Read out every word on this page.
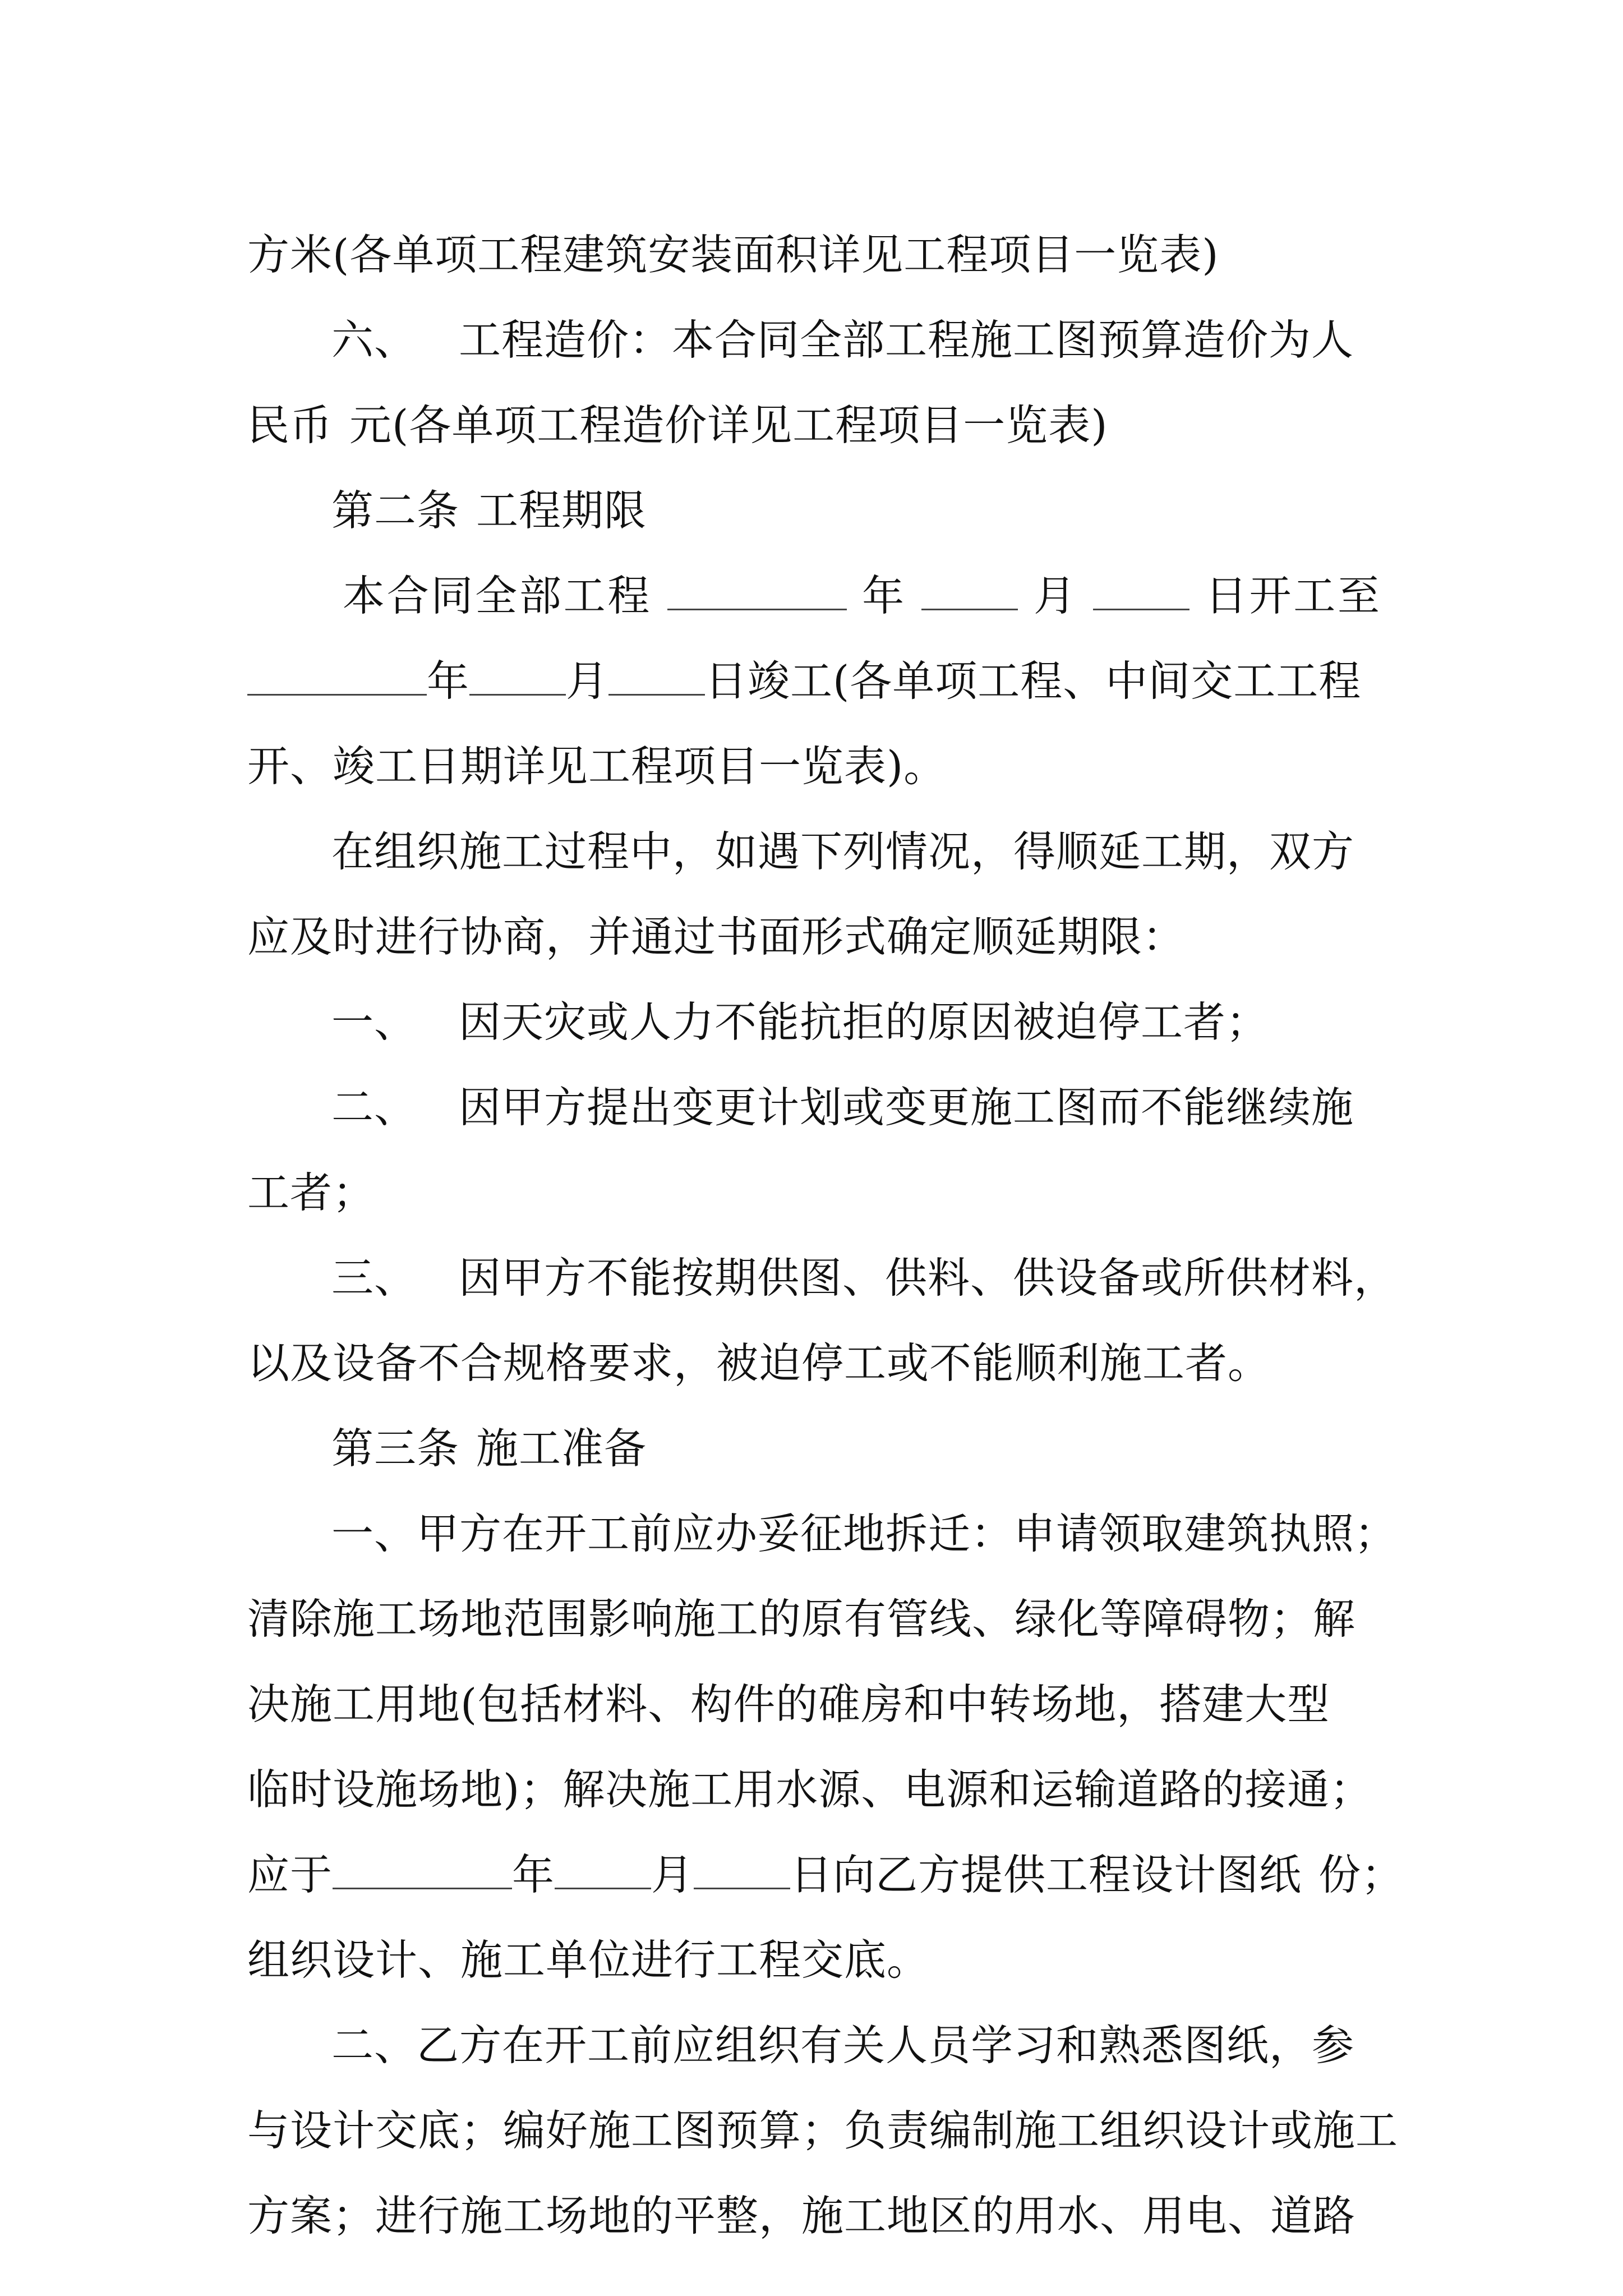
方米(各单项工程建筑安装面积详见工程项目一览表)
六、 工程造价：本合同全部工程施工图预算造价为人
民币 元(各单项工程造价详见工程项目一览表)
第二条 工程期限
本合同全部工程	年	月	日开工至
年 月 日竣工(各单项工程、中间交工工程
开、竣工日期详见工程项目一览表)。
在组织施工过程中，如遇下列情况，得顺延工期，双方
应及时进行协商，并通过书面形式确定顺延期限：
一、 因天灾或人力不能抗拒的原因被迫停工者；
二、 因甲方提出变更计划或变更施工图而不能继续施
工者；
三、 因甲方不能按期供图、供料、供设备或所供材料，
以及设备不合规格要求，被迫停工或不能顺利施工者。
第三条 施工准备
一、甲方在开工前应办妥征地拆迁：申请领取建筑执照；
清除施工场地范围影响施工的原有管线、绿化等障碍物；解
决施工用地(包括材料、构件的碓房和中转场地，搭建大型
临时设施场地)；解决施工用水源、电源和运输道路的接通；
应于	年 月 日向乙方提供工程设计图纸 份；
组织设计、施工单位进行工程交底。
二、乙方在开工前应组织有关人员学习和熟悉图纸，参
与设计交底；编好施工图预算；负责编制施工组织设计或施工
方案；进行施工场地的平整，施工地区的用水、用电、道路
